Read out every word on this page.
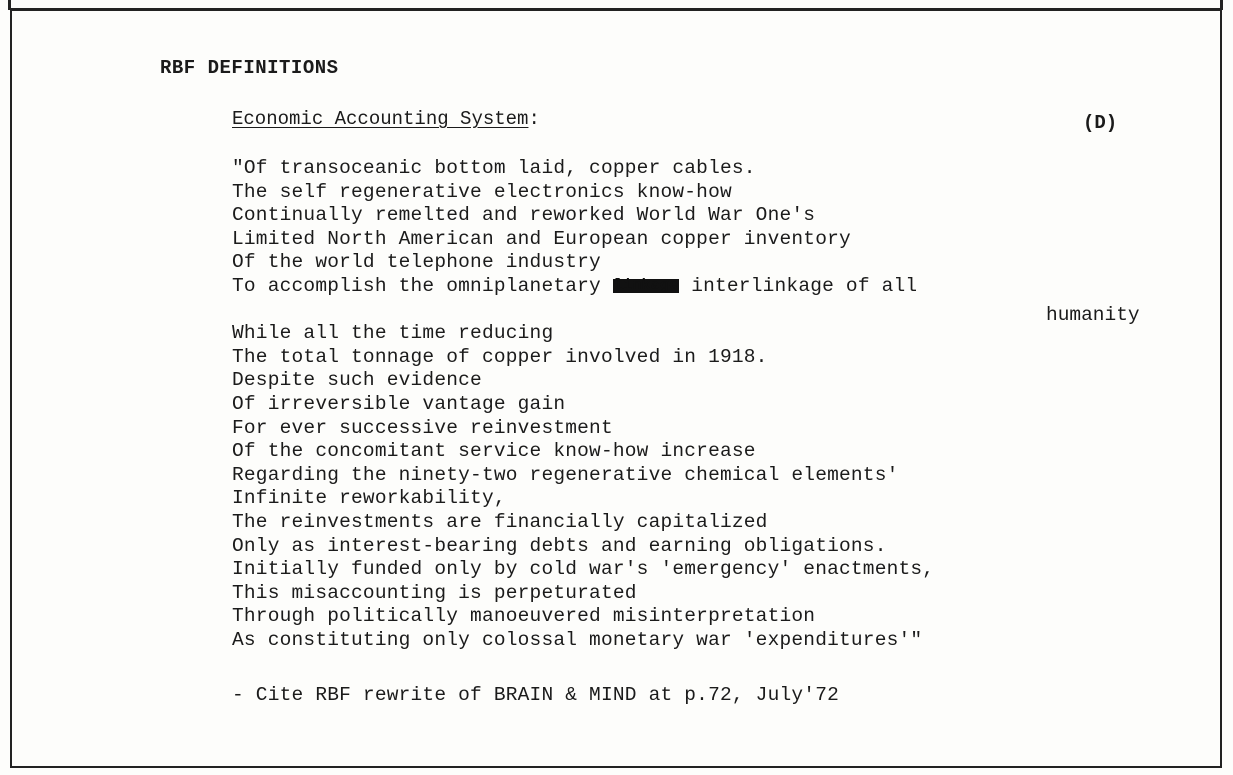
RBF DEFINITIONS
Economic Accounting System:	(D)
"Of transoceanic bottom laid, copper cables.
The self regenerative electronics know-how
Continually remelted and reworked World War One's
Limited North American and European copper inventory
Of the world telephone industry
To accomplish the omniplanetary linkage interlinkage of all
While all the time reducing
The total tonnage of copper involved in 1918.
Despite such evidence
Of irreversible vantage gain
For ever successive reinvestment
Of the concomitant service know-how increase
Regarding the ninety-two regenerative chemical elements'
Infinite reworkability,
The reinvestments are financially capitalized
Only as interest-bearing debts and earning obligations.
Initially funded only by cold war's 'emergency' enactments,
This misaccounting is perpeturated
Through politically manoeuvered misinterpretation
As constituting only colossal monetary war 'expenditures'"
humanity
- Cite RBF rewrite of BRAIN & MIND at p.72, July'72
